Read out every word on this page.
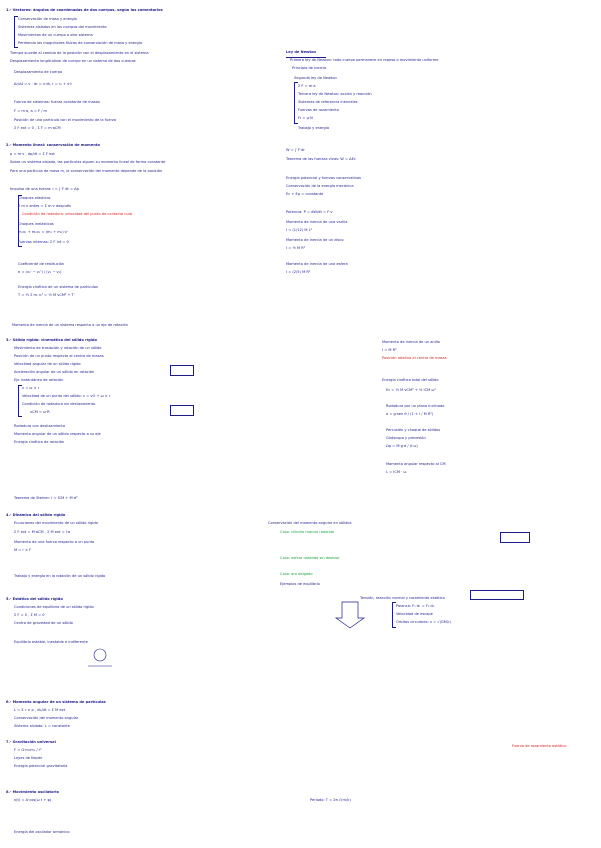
1.- Vectores: ángulos de coordenadas de dos cuerpos, según los comentarios
Conservación de masa y energía
Sistemas aislados en los cuerpos del movimiento
Movimientos de un cuerpo a otro sistema
Perdiendo las magnitudes físicas de conservación de masa y energía
Tiempo sucede al cambio de la posición con el desplazamiento en el sistema
Desplazamiento longitudinal de cuerpo en un sistema de dos cuerpos
Desplazamiento de cuerpo
Δr/Δt = v · dr = v·dt, r = r₀ + v·t
Fuerza de sistemas: fuerza constante de masas
F = m·a, a = F / m
Posición de una partícula con el movimiento de la fuerza
Σ F ext = 0 , Σ F = m·aCM
2.- Momento lineal: conservación de momento
p = m·v , dp/dt = Σ F ext
Sobre un sistema aislado, las partículas siguen su momento lineal de forma constante
Para una partícula de masa m, la conservación del momento depende de la posición
Impulso de una fuerza: I = ∫ F dt = Δp
Choques elásticos
Σ m·v antes = Σ m·v después
Condición de rodadura: velocidad del punto de contacto nula
Choques inelásticos
m₁v₁ + m₂v₂ = (m₁ + m₂)·v'
Fuerzas internas: Σ F int = 0
Coeficiente de restitución
e = (v₂' − v₁') / (v₁ − v₂)
Energía cinética de un sistema de partículas
T = ½ Σ mᵢ vᵢ² = ½ M vCM² + T'
Momento de inercia de un sistema respecto a un eje de rotación
3.- Sólido rígido: cinemática del sólido rígido
Movimiento de traslación y rotación de un sólido
Posición de un punto respecto al centro de masas
Velocidad angular de un sólido rígido
Aceleración angular de un sólido en rotación
Eje instantáneo de rotación
v = ω × r
Velocidad de un punto del sólido: v = vO + ω × r
Condición de rodadura sin deslizamiento
vCM = ω·R
Rodadura con deslizamiento
Momento angular de un sólido respecto a su eje
Energía cinética de rotación
Teorema de Steiner: I = ICM + M·d²
4.- Dinámica del sólido rígido
Ecuaciones del movimiento de un sólido rígido
Σ F ext = M·aCM , Σ M ext = I·α
Momento de una fuerza respecto a un punto
M = r × F
Trabajo y energía en la rotación de un sólido rígido
5.- Estática del sólido rígido
Condiciones de equilibrio de un sólido rígido
Σ F = 0 , Σ M = 0
Centro de gravedad de un sólido
Equilibrio estable, inestable e indiferente
6.- Momento angular de un sistema de partículas
L = Σ r × p , dL/dt = Σ M ext
Conservación del momento angular
Sistema aislado: L = constante
7.- Gravitación universal
F = G·m₁m₂ / r²
Leyes de Kepler
Energía potencial gravitatoria
8.- Movimiento oscilatorio
x(t) = A·cos(ω t + φ)
Energía del oscilador armónico
Ley de Newton
Primera ley de Newton: todo cuerpo permanece en reposo o movimiento uniforme
Principio de inercia
Segunda ley de Newton
Σ F = m·a
Tercera ley de Newton: acción y reacción
Sistemas de referencia inerciales
Fuerzas de rozamiento
Fr = μ·N
Trabajo y energía
W = ∫ F·dr
Teorema de las fuerzas vivas: W = ΔEc
Energía potencial y fuerzas conservativas
Conservación de la energía mecánica
Ec + Ep = constante
Potencia: P = dW/dt = F·v
Momento de inercia de una varilla
I = (1/12) M L²
Momento de inercia de un disco
I = ½ M R²
Momento de inercia de una esfera
I = (2/5) M R²
Momento de inercia de un anillo
I = M R²
Posición relativa al centro de masas
Energía cinética total del sólido
Ec = ½ M vCM² + ½ ICM ω²
Rodadura por un plano inclinado
a = g·sen θ / (1 + I / M R²)
Percusión y choque de sólidos
Giróscopo y precesión
Ωp = M·g·d / (I·ω)
Momento angular respecto al CM
L = ICM · ω
Conservación del momento angular en sólidos
Caso: cilindro macizo rodando
Caso: esfera rodando sin deslizar
Caso: aro delgado
Ejemplos de equilibrio
Tensión, reacción normal y rozamiento estático
Palanca: F₁·d₁ = F₂·d₂
Velocidad de escape
Órbitas circulares: v = √(GM/r)
Fuerza de rozamiento estático
Período: T = 2π √(m/k)
